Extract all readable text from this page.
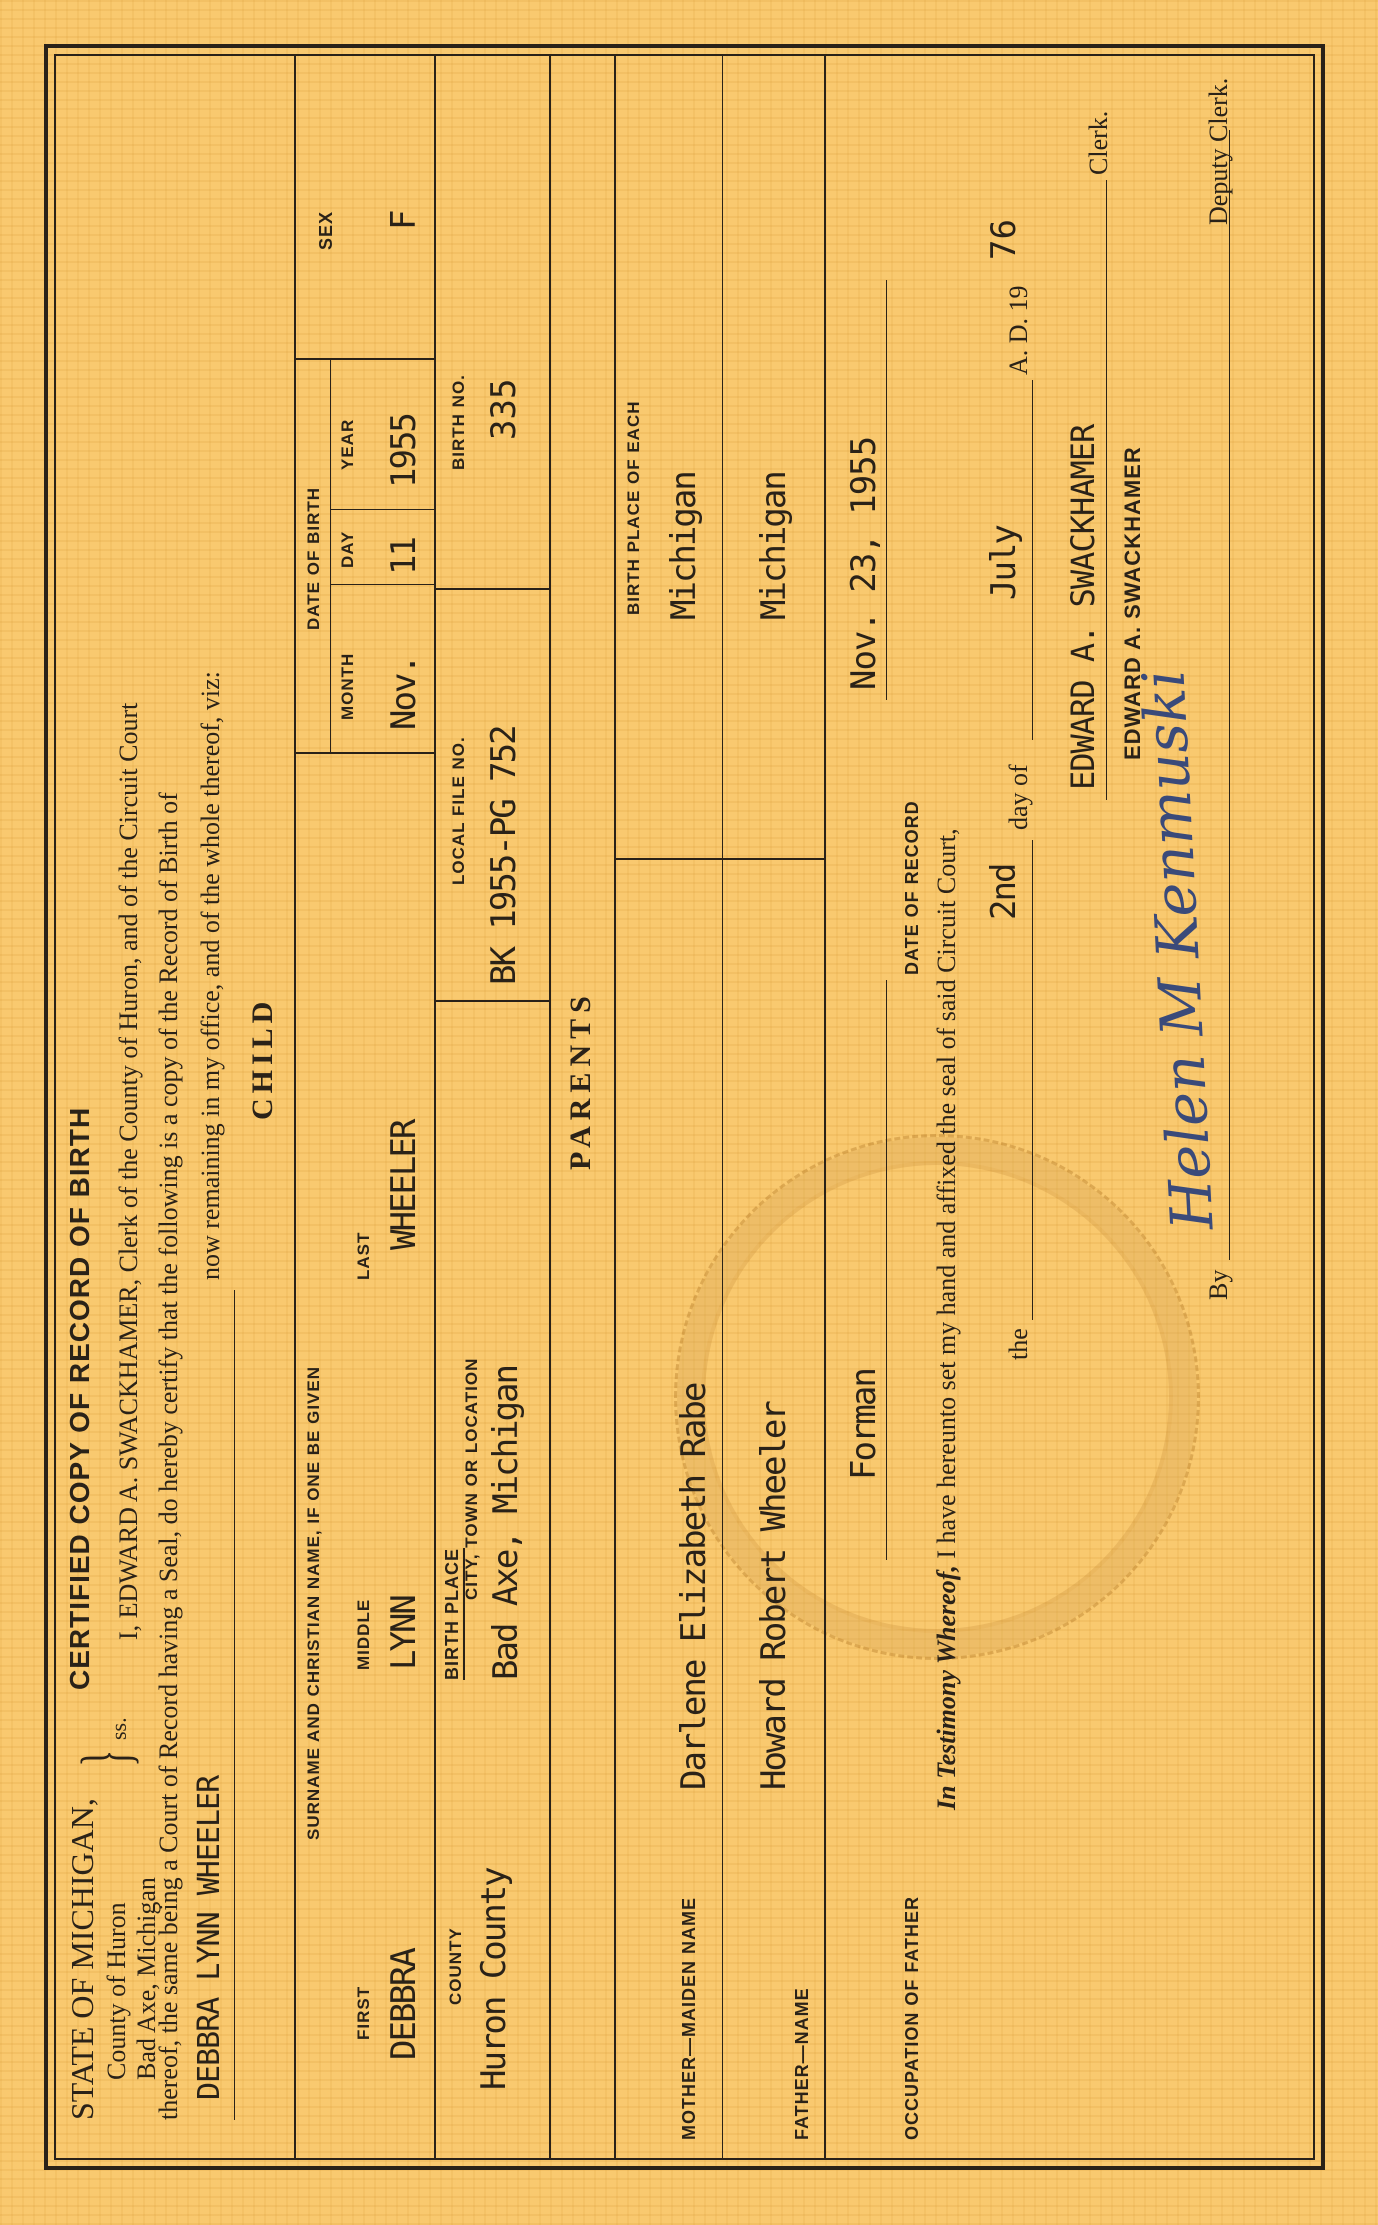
STATE OF MICHIGAN, County of Huron Bad Axe, Michigan
}
ss.
CERTIFIED COPY OF RECORD OF BIRTH I, EDWARD A. SWACKHAMER, Clerk of the County of Huron, and of the Circuit Court thereof, the same being a Court of Record having a Seal, do hereby certify that the following is a copy of the Record of Birth of DEBBRA LYNN WHEELER
now remaining in my office, and of the whole thereof, viz: CHILD
SURNAME AND CHRISTIAN NAME, IF ONE BE GIVEN
FIRST
MIDDLE
LAST
DEBBRA
LYNN
WHEELER
DATE OF BIRTH
MONTH
DAY
YEAR
Nov.
11
1955
SEX F
COUNTY Huron County
BIRTH PLACE
CITY, TOWN OR LOCATION Bad Axe, Michigan
LOCAL FILE NO. BK 1955-PG 752
BIRTH NO. 335
PARENTS
MOTHER—MAIDEN NAME
Darlene Elizabeth Rabe
BIRTH PLACE OF EACH Michigan
FATHER—NAME
Howard Robert Wheeler
Michigan
OCCUPATION OF FATHER
Forman
DATE OF RECORD
Nov. 23, 1955
In Testimony Whereof, I have hereunto set my hand and affixed the seal of said Circuit Court, the
2nd
day of
July
A. D. 19
76
EDWARD A. SWACKHAMER
Clerk.
EDWARD A. SWACKHAMER
By
Helen M Kenmuski
Deputy Clerk.
